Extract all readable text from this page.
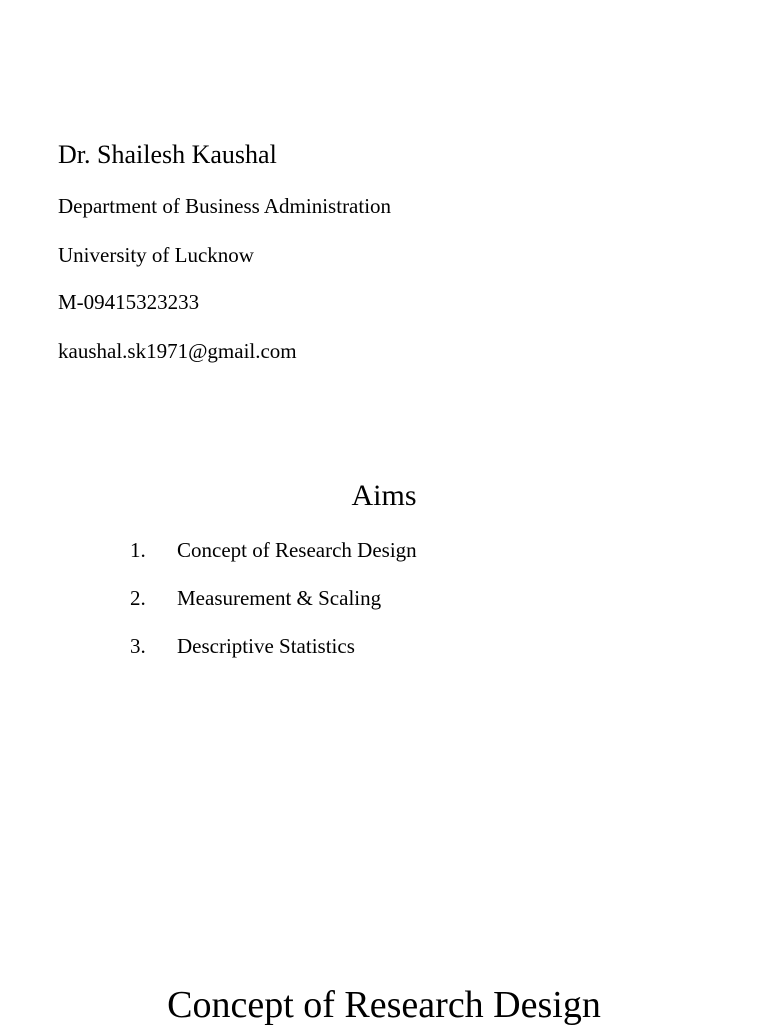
Dr. Shailesh Kaushal

Department of Business Administration

University of Lucknow

M-09415323233

kaushal.sk1971@gmail.com

Aims
1. Concept of Research Design
2. Measurement & Scaling
3. Descriptive Statistics
Concept of Research Design
